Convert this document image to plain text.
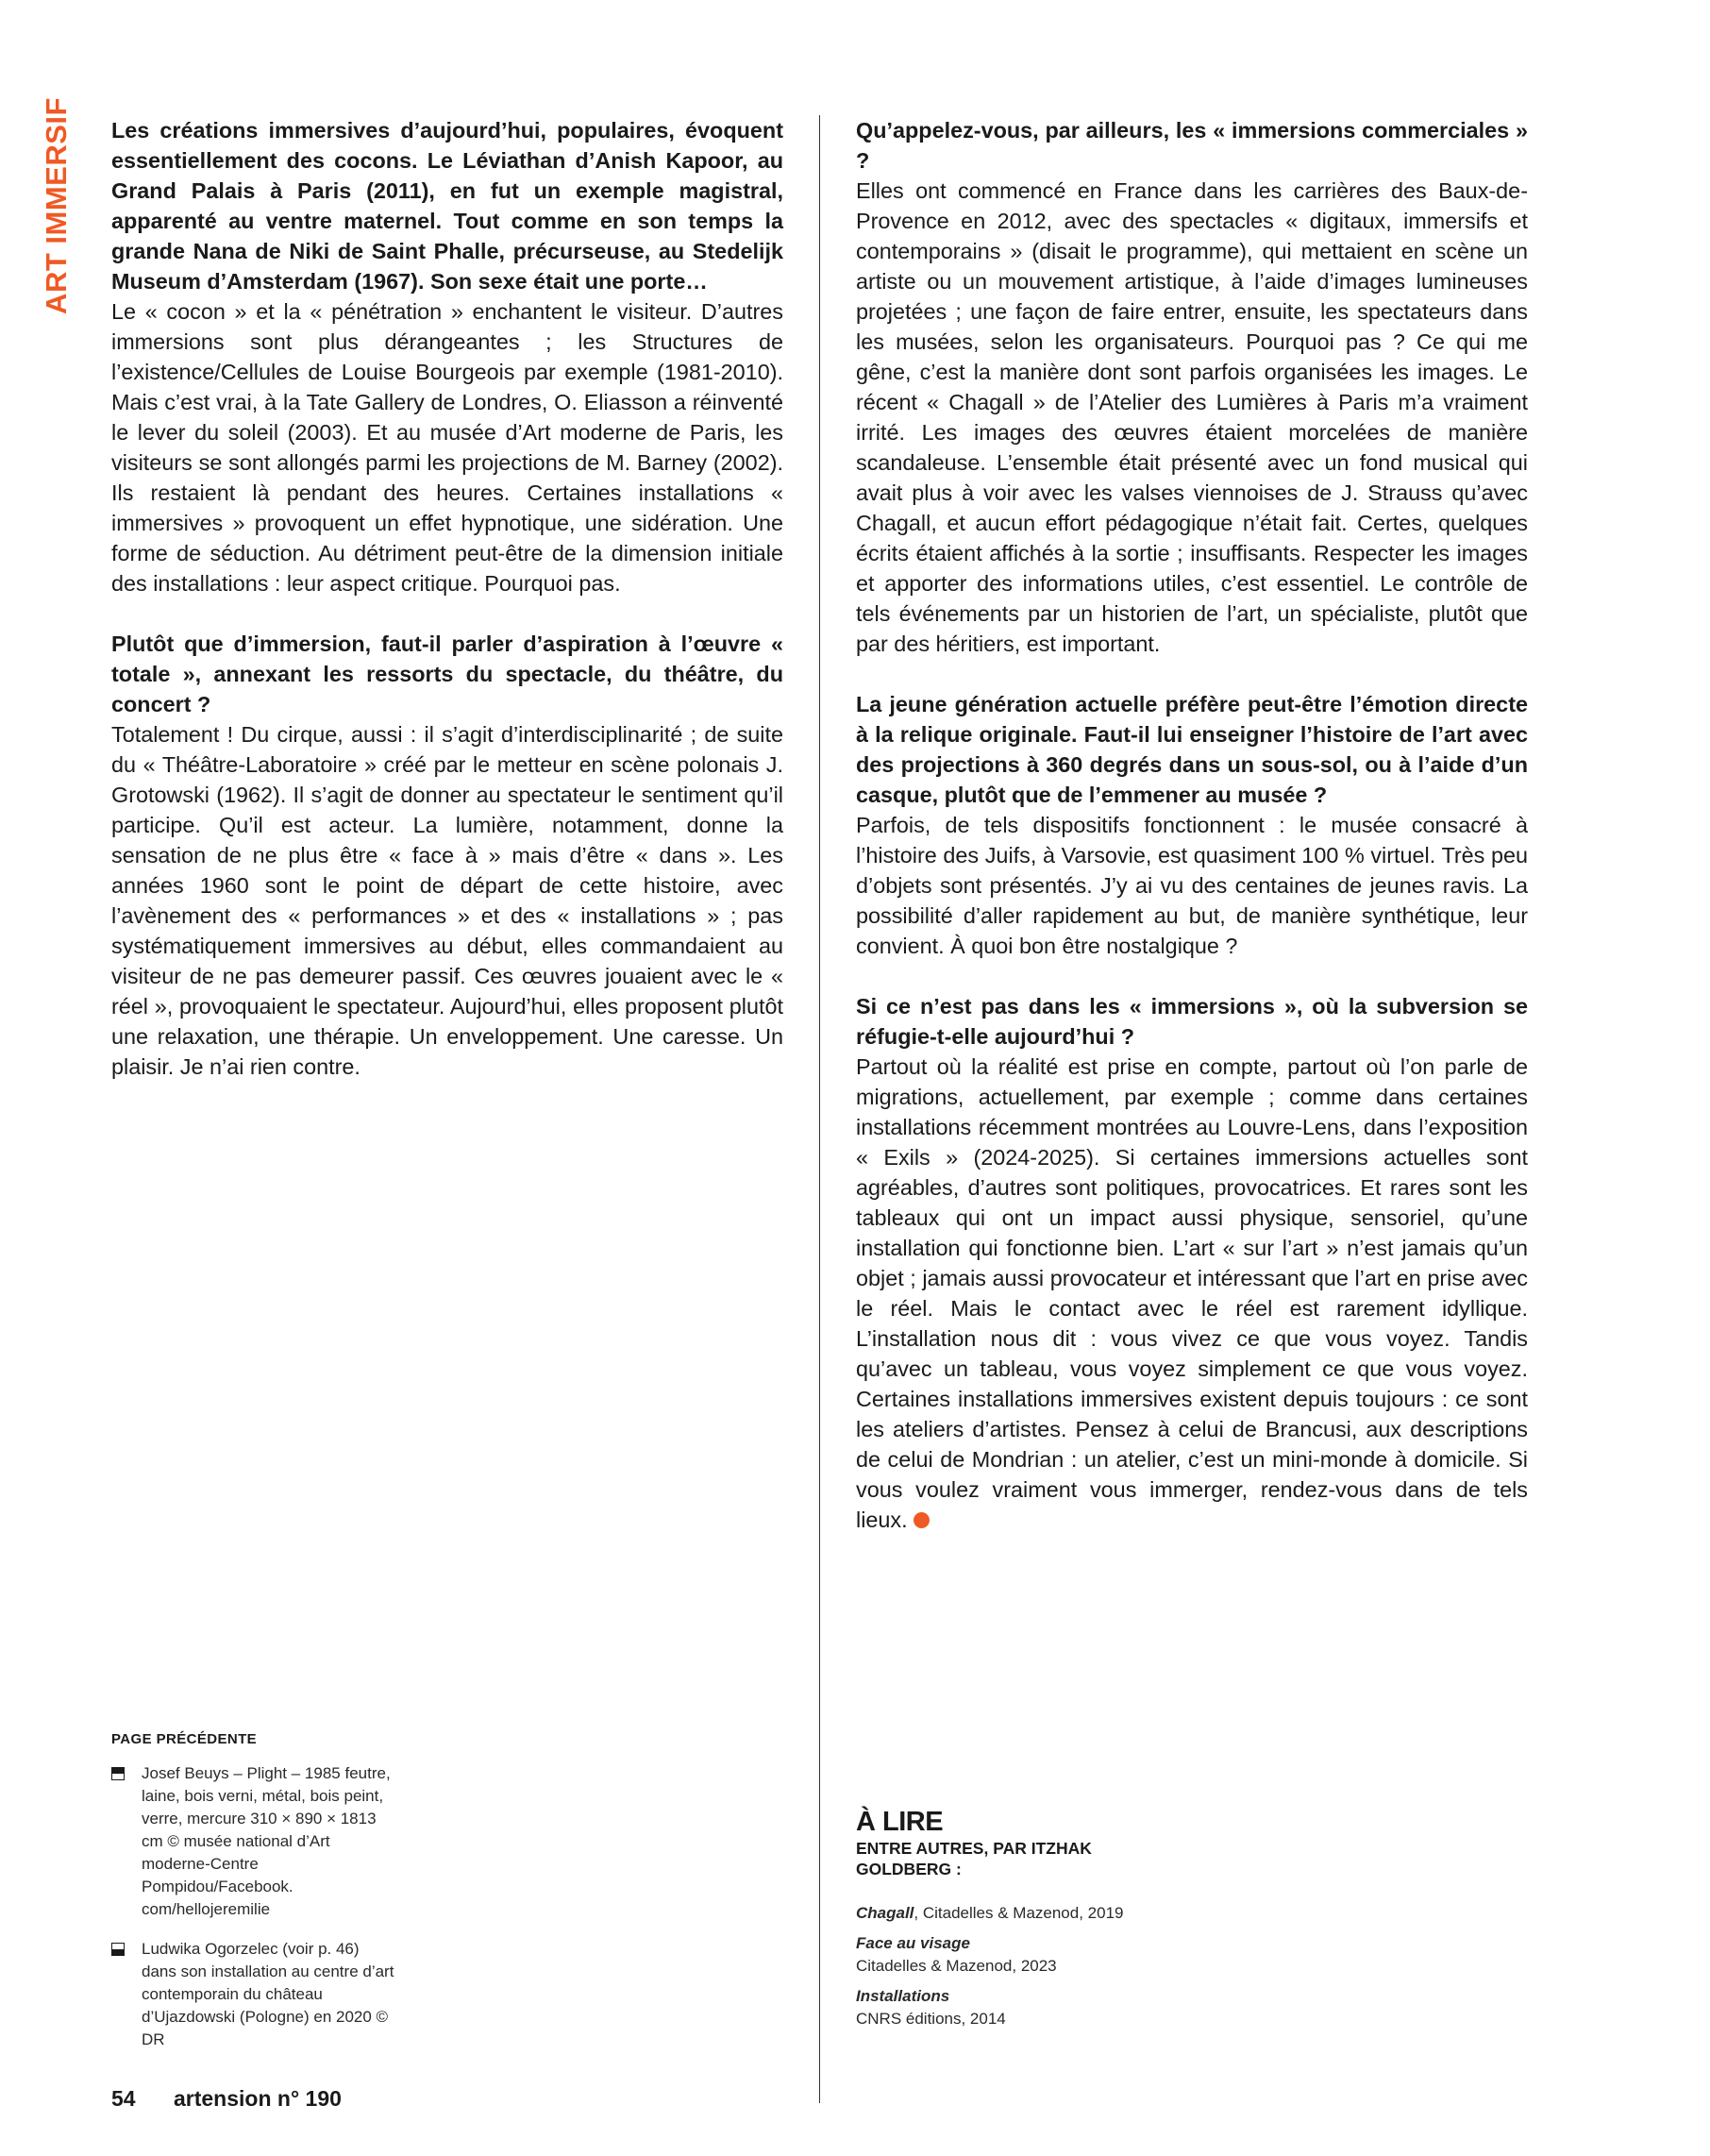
ART IMMERSIF Les créations immersives d’aujourd’hui, populaires, évoquent essentiellement des cocons. Le Léviathan d’Anish Kapoor, au Grand Palais à Paris (2011), en fut un exemple magistral, apparenté au ventre maternel. Tout comme en son temps la grande Nana de Niki de Saint Phalle, précurseuse, au Stedelijk Museum d’Amsterdam (1967). Son sexe était une porte…

Le « cocon » et la « pénétration » enchantent le visiteur. D’autres immersions sont plus dérangeantes ; les Structures de l’existence/Cellules de Louise Bourgeois par exemple (1981-2010). Mais c’est vrai, à la Tate Gallery de Londres, O. Eliasson a réinventé le lever du soleil (2003). Et au musée d’Art moderne de Paris, les visiteurs se sont allongés parmi les projections de M. Barney (2002). Ils restaient là pendant des heures. Certaines installations « immersives » provoquent un effet hypnotique, une sidération. Une forme de séduction. Au détriment peut-être de la dimension initiale des installations : leur aspect critique. Pourquoi pas.

Plutôt que d’immersion, faut-il parler d’aspiration à l’œuvre « totale », annexant les ressorts du spectacle, du théâtre, du concert ?

Totalement ! Du cirque, aussi : il s’agit d’interdisciplinarité ; de suite du « Théâtre-Laboratoire » créé par le metteur en scène polonais J. Grotowski (1962). Il s’agit de donner au spectateur le sentiment qu’il participe. Qu’il est acteur. La lumière, notamment, donne la sensation de ne plus être « face à » mais d’être « dans ». Les années 1960 sont le point de départ de cette histoire, avec l’avènement des « performances » et des « installations » ; pas systématiquement immersives au début, elles commandaient au visiteur de ne pas demeurer passif. Ces œuvres jouaient avec le « réel », provoquaient le spectateur. Aujourd’hui, elles proposent plutôt une relaxation, une thérapie. Un enveloppement. Une caresse. Un plaisir. Je n’ai rien contre.

Qu’appelez-vous, par ailleurs, les « immersions commerciales » ?

Elles ont commencé en France dans les carrières des Baux-de-Provence en 2012, avec des spectacles « digitaux, immersifs et contemporains » (disait le programme), qui mettaient en scène un artiste ou un mouvement artistique, à l’aide d’images lumineuses projetées ; une façon de faire entrer, ensuite, les spectateurs dans les musées, selon les organisateurs. Pourquoi pas ? Ce qui me gêne, c’est la manière dont sont parfois organisées les images. Le récent « Chagall » de l’Atelier des Lumières à Paris m’a vraiment irrité. Les images des œuvres étaient morcelées de manière scandaleuse. L’ensemble était présenté avec un fond musical qui avait plus à voir avec les valses viennoises de J. Strauss qu’avec Chagall, et aucun effort pédagogique n’était fait. Certes, quelques écrits étaient affichés à la sortie ; insuffisants. Respecter les images et apporter des informations utiles, c’est essentiel. Le contrôle de tels événements par un historien de l’art, un spécialiste, plutôt que par des héritiers, est important.

La jeune génération actuelle préfère peut-être l’émotion directe à la relique originale. Faut-il lui enseigner l’histoire de l’art avec des projections à 360 degrés dans un sous-sol, ou à l’aide d’un casque, plutôt que de l’emmener au musée ?

Parfois, de tels dispositifs fonctionnent : le musée consacré à l’histoire des Juifs, à Varsovie, est quasiment 100 % virtuel. Très peu d’objets sont présentés. J’y ai vu des centaines de jeunes ravis. La possibilité d’aller rapidement au but, de manière synthétique, leur convient. À quoi bon être nostalgique ?

Si ce n’est pas dans les « immersions », où la subversion se réfugie-t-elle aujourd’hui ?

Partout où la réalité est prise en compte, partout où l’on parle de migrations, actuellement, par exemple ; comme dans certaines installations récemment montrées au Louvre-Lens, dans l’exposition « Exils » (2024-2025). Si certaines immersions actuelles sont agréables, d’autres sont politiques, provocatrices. Et rares sont les tableaux qui ont un impact aussi physique, sensoriel, qu’une installation qui fonctionne bien. L’art « sur l’art » n’est jamais qu’un objet ; jamais aussi provocateur et intéressant que l’art en prise avec le réel. Mais le contact avec le réel est rarement idyllique. L’installation nous dit : vous vivez ce que vous voyez. Tandis qu’avec un tableau, vous voyez simplement ce que vous voyez. Certaines installations immersives existent depuis toujours : ce sont les ateliers d’artistes. Pensez à celui de Brancusi, aux descriptions de celui de Mondrian : un atelier, c’est un mini-monde à domicile. Si vous voulez vraiment vous immerger, rendez-vous dans de tels lieux.

PAGE PRÉCÉDENTE
Josef Beuys – Plight – 1985 feutre, laine, bois verni, métal, bois peint, verre, mercure 310 × 890 × 1813 cm © musée national d’Art moderne-Centre Pompidou/Facebook. com/hellojeremilie
Ludwika Ogorzelec (voir p. 46) dans son installation au centre d’art contemporain du château d’Ujazdowski (Pologne) en 2020 © DR
À LIRE
ENTRE AUTRES, PAR ITZHAK GOLDBERG :
Chagall, Citadelles & Mazenod, 2019
Face au visage
Citadelles & Mazenod, 2023
Installations
CNRS éditions, 2014
54 artension n° 190
